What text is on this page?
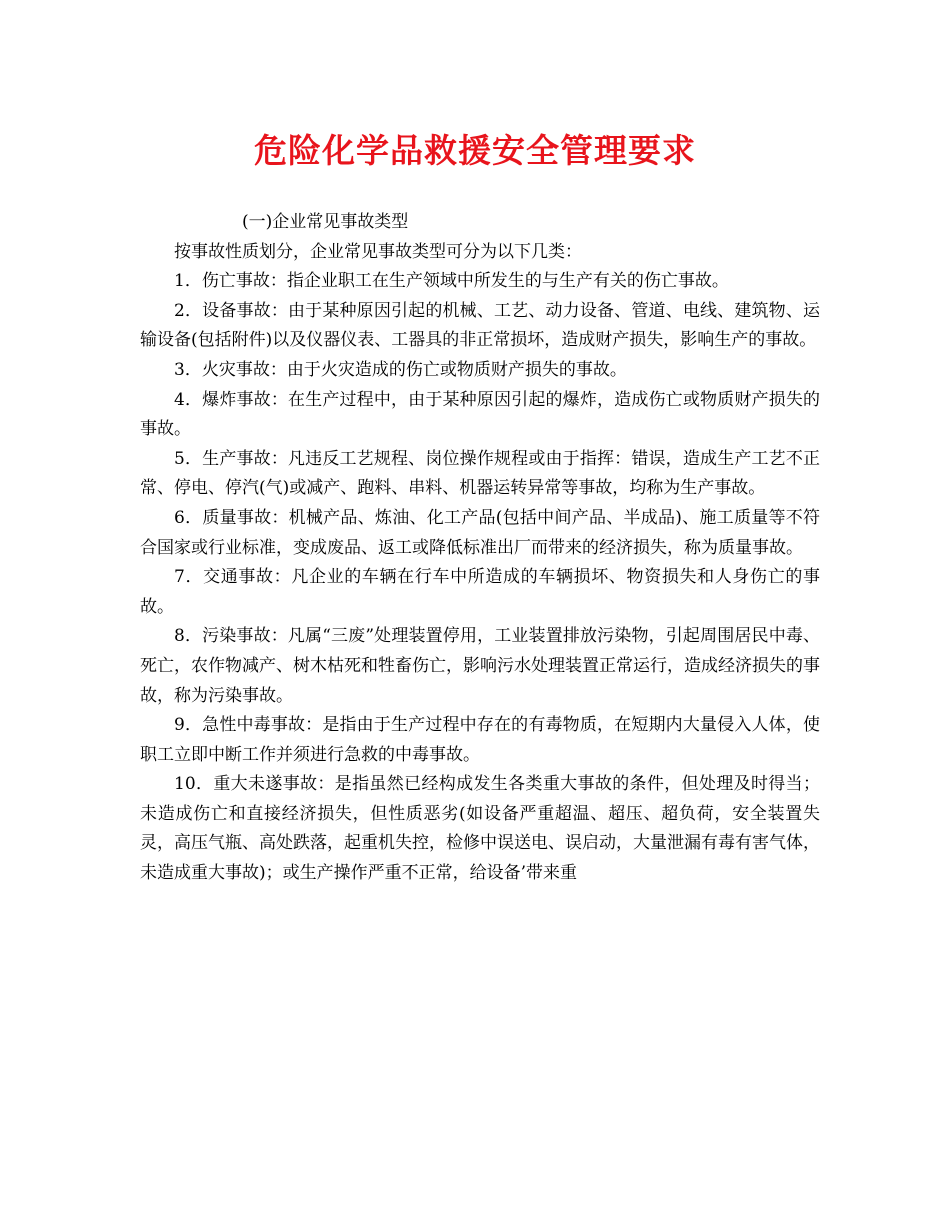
危险化学品救援安全管理要求

(一)企业常见事故类型

按事故性质划分，企业常见事故类型可分为以下几类：

1．伤亡事故：指企业职工在生产领域中所发生的与生产有关的伤亡事故。

2．设备事故：由于某种原因引起的机械、工艺、动力设备、管道、电线、建筑物、运输设备(包括附件)以及仪器仪表、工器具的非正常损坏，造成财产损失，影响生产的事故。

3．火灾事故：由于火灾造成的伤亡或物质财产损失的事故。

4．爆炸事故：在生产过程中，由于某种原因引起的爆炸，造成伤亡或物质财产损失的事故。

5．生产事故：凡违反工艺规程、岗位操作规程或由于指挥：错误，造成生产工艺不正常、停电、停汽(气)或减产、跑料、串料、机器运转异常等事故，均称为生产事故。

6．质量事故：机械产品、炼油、化工产品(包括中间产品、半成品)、施工质量等不符合国家或行业标准，变成废品、返工或降低标准出厂而带来的经济损失，称为质量事故。

7．交通事故：凡企业的车辆在行车中所造成的车辆损坏、物资损失和人身伤亡的事故。

8．污染事故：凡属“三废”处理装置停用，工业装置排放污染物，引起周围居民中毒、死亡，农作物减产、树木枯死和牲畜伤亡，影响污水处理装置正常运行，造成经济损失的事故，称为污染事故。

9．急性中毒事故：是指由于生产过程中存在的有毒物质，在短期内大量侵入人体，使职工立即中断工作并须进行急救的中毒事故。

10．重大未遂事故：是指虽然已经构成发生各类重大事故的条件，但处理及时得当；未造成伤亡和直接经济损失，但性质恶劣(如设备严重超温、超压、超负荷，安全装置失灵，高压气瓶、高处跌落，起重机失控，检修中误送电、误启动，大量泄漏有毒有害气体，未造成重大事故)；或生产操作严重不正常，给设备’带来重
